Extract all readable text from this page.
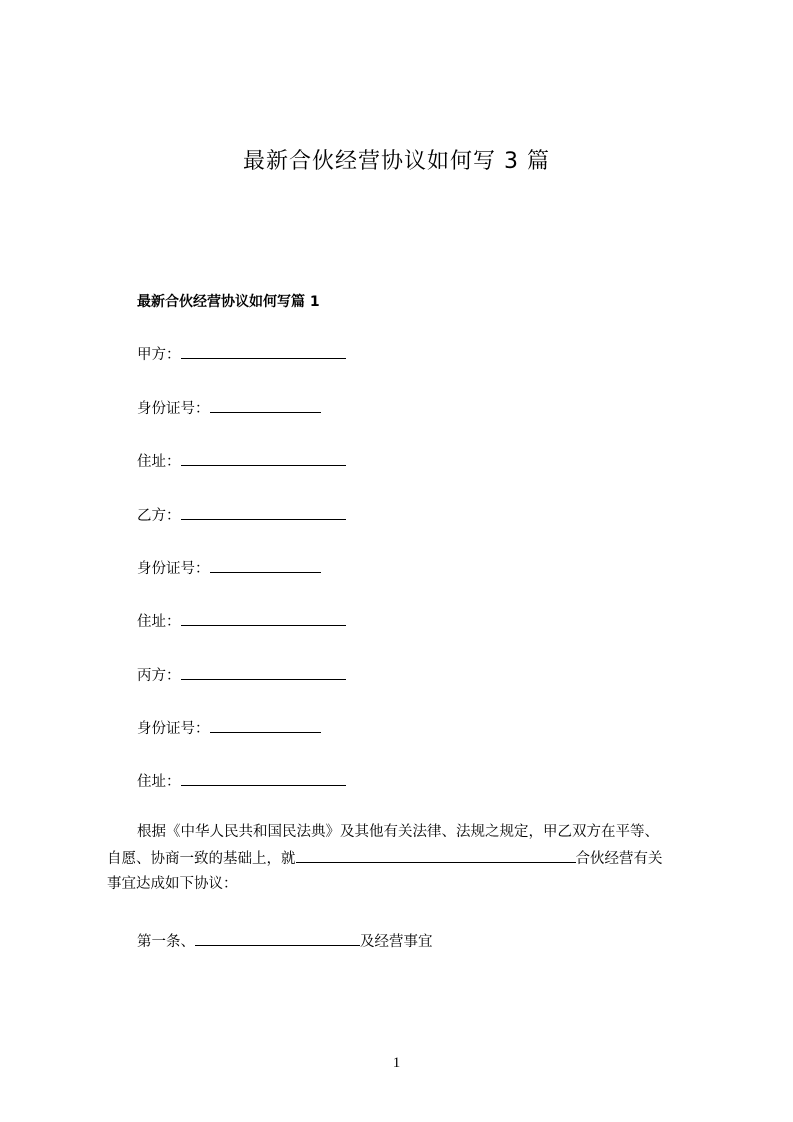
最新合伙经营协议如何写 3 篇
最新合伙经营协议如何写篇 1
甲方：
身份证号：
住址：
乙方：
身份证号：
住址：
丙方：
身份证号：
住址：
根据《中华人民共和国民法典》及其他有关法律、法规之规定，甲乙双方在平等、
自愿、协商一致的基础上，就	合伙经营有关
事宜达成如下协议：
第一条、	及经营事宜
1
